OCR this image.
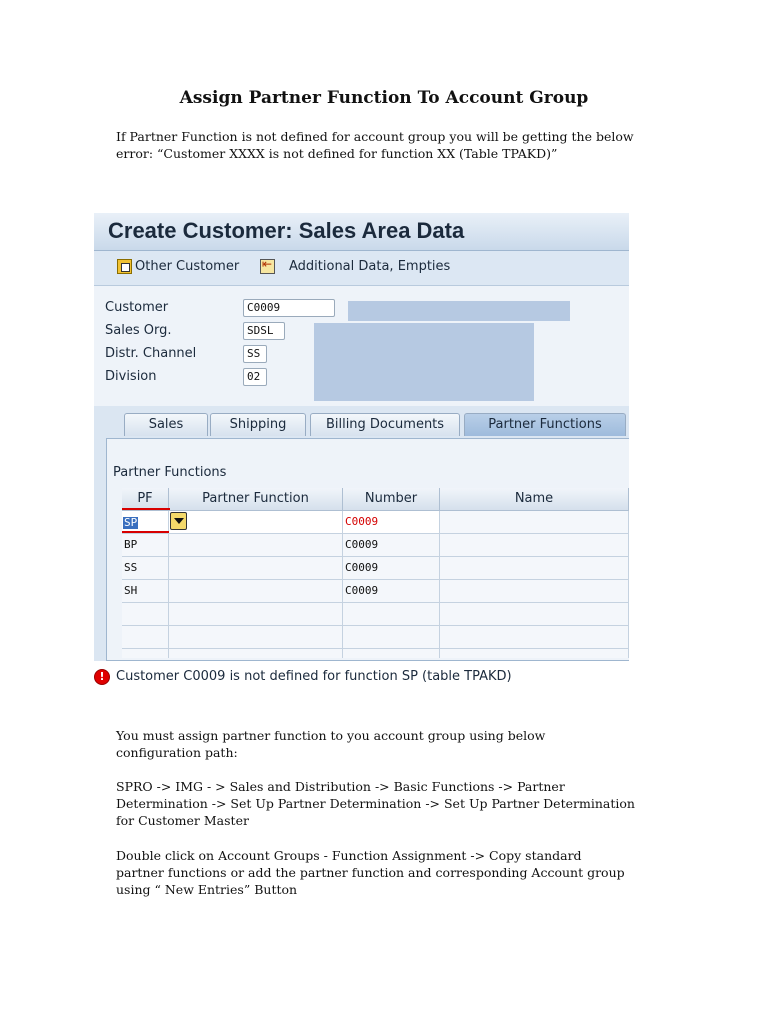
Assign Partner Function To Account Group
If Partner Function is not defined for account group you will be getting the below
error: “Customer XXXX is not defined for function XX (Table TPAKD)”
Create Customer: Sales Area Data
Other Customer
⇤	Additional Data, Empties
Customer	C0009
Sales Org.	SDSL
Distr. Channel	SS
Division	02
Sales	Shipping	Billing Documents	Partner Functions
Partner Functions
PF	Partner Function	Number	Name
SP	C0009
BP	C0009
SS	C0009
SH	C0009
! Customer C0009 is not defined for function SP (table TPAKD)
You must assign partner function to you account group using below
configuration path:
SPRO -> IMG - > Sales and Distribution -> Basic Functions -> Partner
Determination -> Set Up Partner Determination -> Set Up Partner Determination
for Customer Master
Double click on Account Groups - Function Assignment -> Copy standard
partner functions or add the partner function and corresponding Account group
using “ New Entries” Button
